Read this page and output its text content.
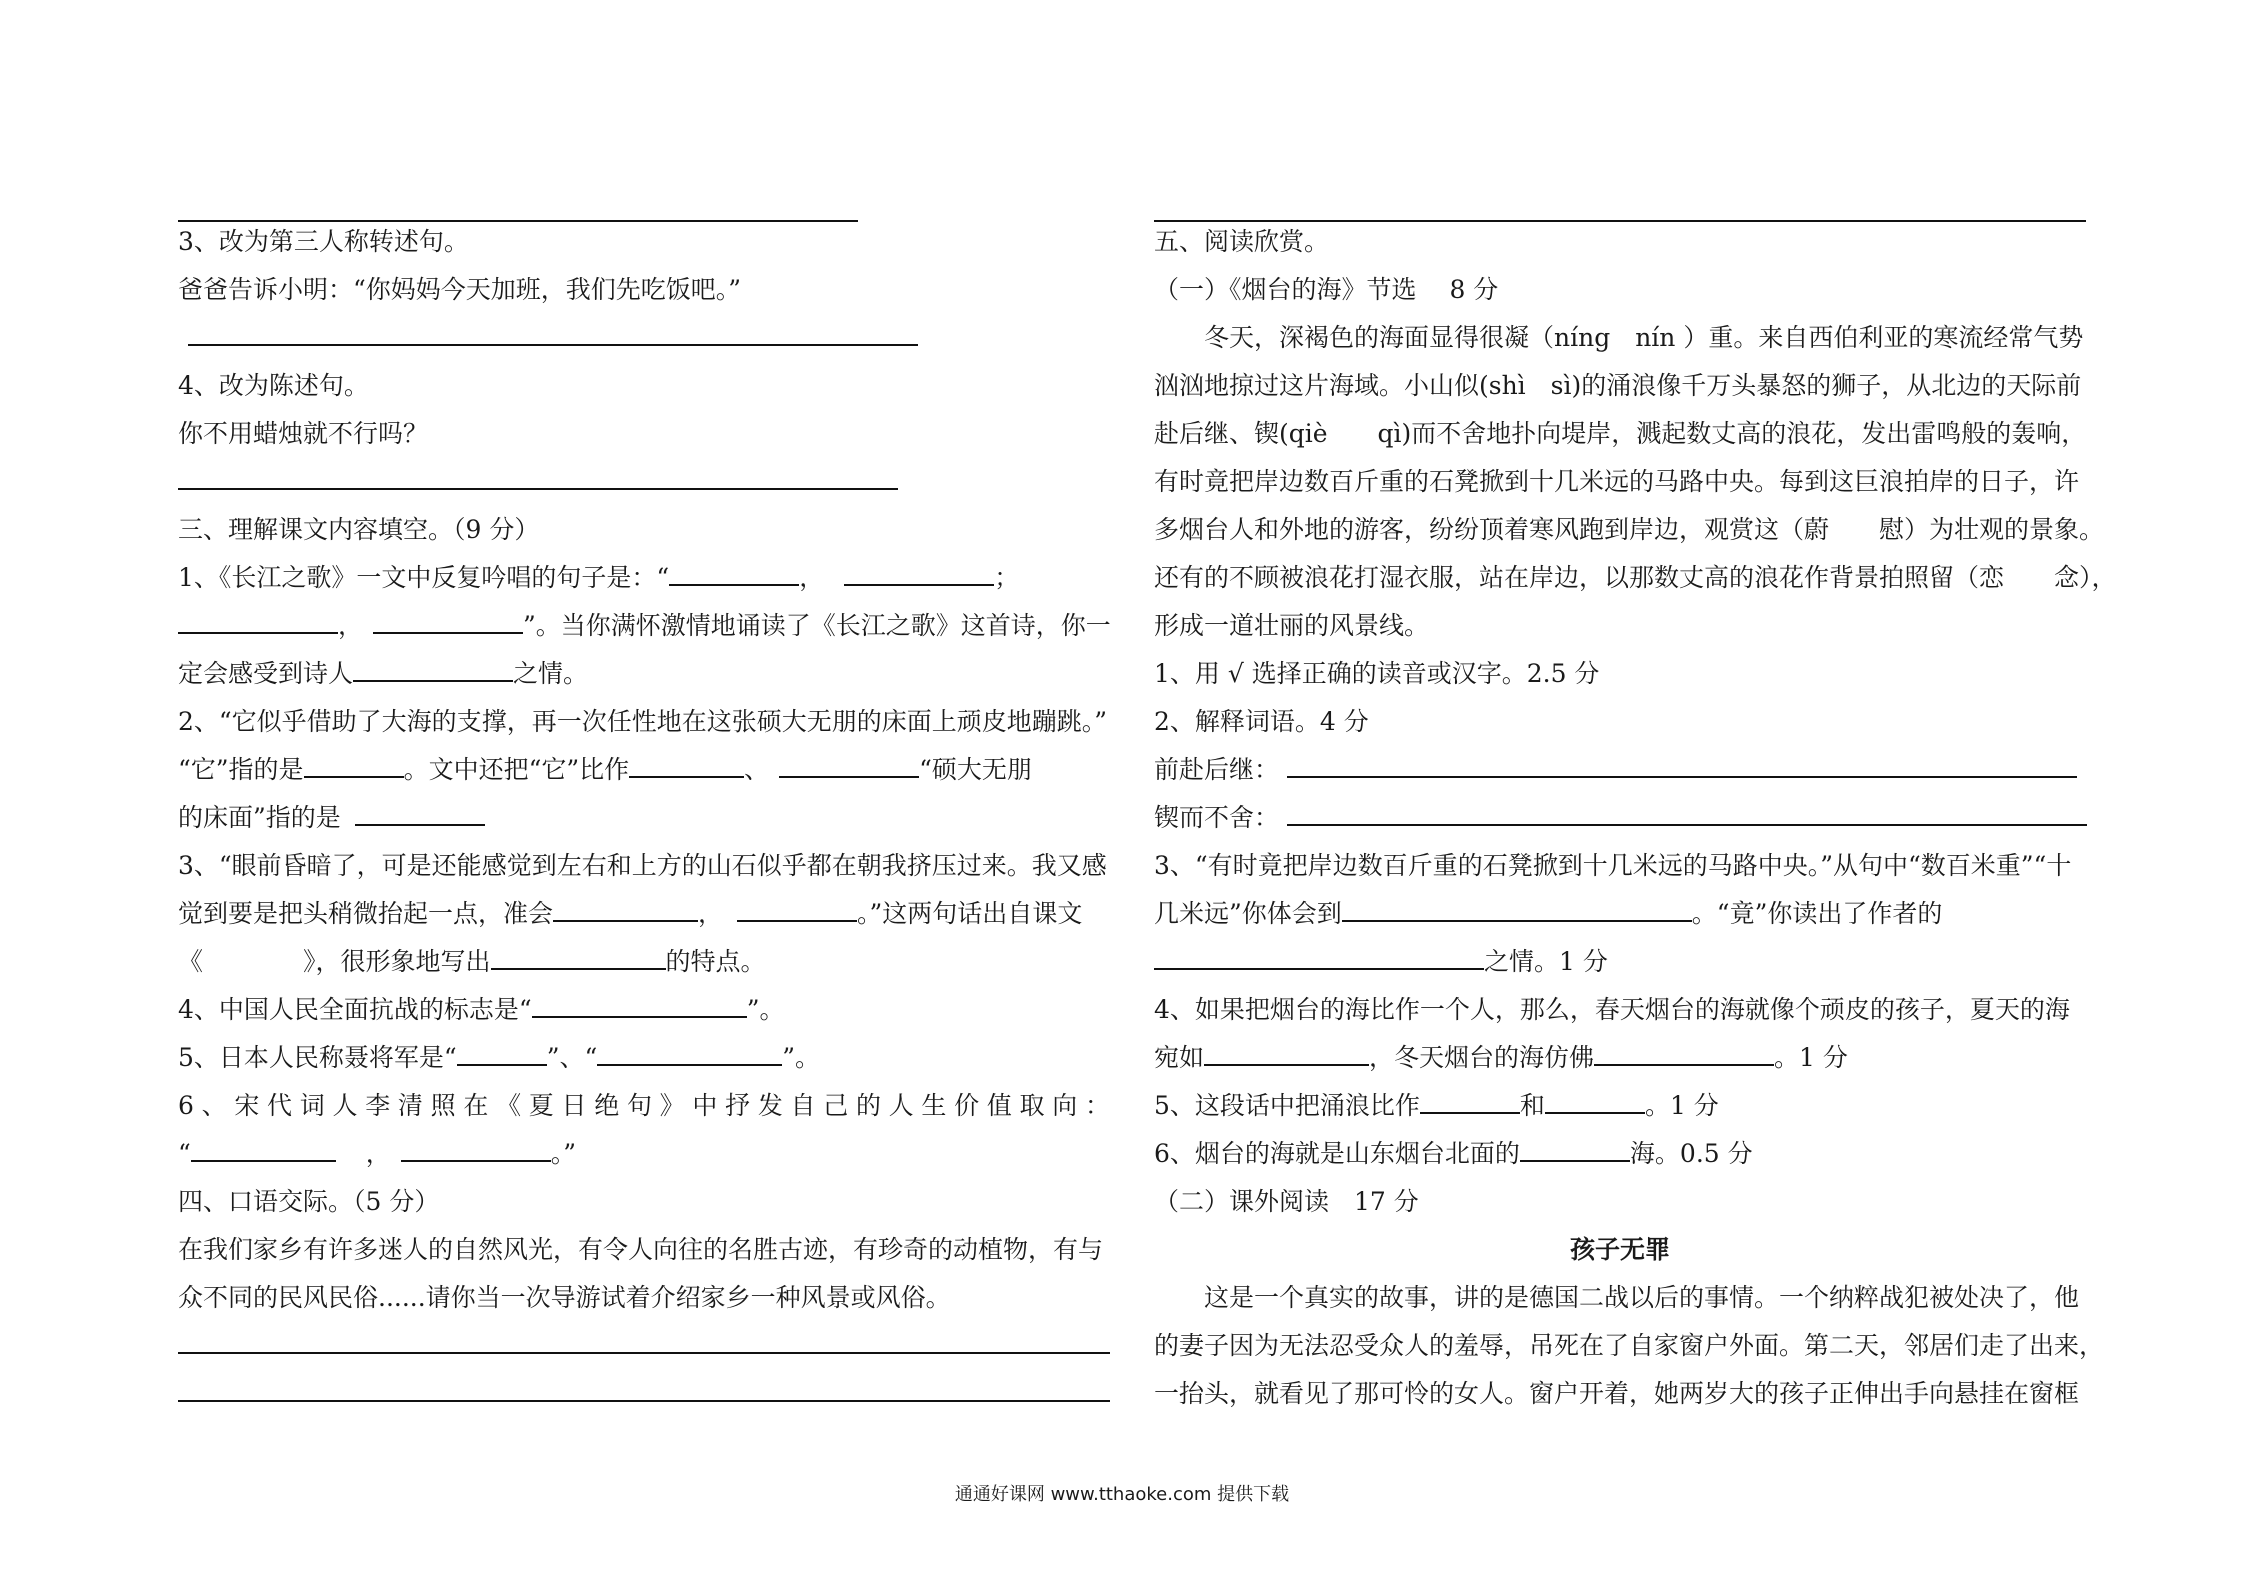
3、改为第三人称转述句。
爸爸告诉小明：“你妈妈今天加班，我们先吃饭吧。”
4、改为陈述句。
你不用蜡烛就不行吗？
三、理解课文内容填空。（9 分）
1、《长江之歌》一文中反复吟唱的句子是：“	，	；
，	”。当你满怀激情地诵读了《长江之歌》这首诗，你一
定会感受到诗人	之情。
2、“它似乎借助了大海的支撑，再一次任性地在这张硕大无朋的床面上顽皮地蹦跳。”
“它”指的是	。文中还把“它”比作	、	“硕大无朋
的床面”指的是
3、“眼前昏暗了，可是还能感觉到左右和上方的山石似乎都在朝我挤压过来。我又感
觉到要是把头稍微抬起一点，准会	，	。”这两句话出自课文
《	》，很形象地写出	的特点。
4、中国人民全面抗战的标志是“	”。
5、日本人民称聂将军是“	”、“	”。
6、宋代词人李清照在《夏日绝句》中抒发自己的人生价值取向：
“	，	。”
四、口语交际。（5 分）
在我们家乡有许多迷人的自然风光，有令人向往的名胜古迹，有珍奇的动植物，有与
众不同的民风民俗......请你当一次导游试着介绍家乡一种风景或风俗。
五、阅读欣赏。
（一）《烟台的海》节选　 8 分
冬天，深褐色的海面显得很凝（níng　nín ）重。来自西伯利亚的寒流经常气势
汹汹地掠过这片海域。小山似(shì　sì)的涌浪像千万头暴怒的狮子，从北边的天际前
赴后继、锲(qiè　　qì)而不舍地扑向堤岸，溅起数丈高的浪花，发出雷鸣般的轰响，
有时竟把岸边数百斤重的石凳掀到十几米远的马路中央。每到这巨浪拍岸的日子，许
多烟台人和外地的游客，纷纷顶着寒风跑到岸边，观赏这（蔚　　慰）为壮观的景象。
还有的不顾被浪花打湿衣服，站在岸边，以那数丈高的浪花作背景拍照留（恋　　念），
形成一道壮丽的风景线。
1、用 √ 选择正确的读音或汉字。2.5 分
2、解释词语。4 分
前赴后继：
锲而不舍：
3、“有时竟把岸边数百斤重的石凳掀到十几米远的马路中央。”从句中“数百米重”“十
几米远”你体会到	。“竟”你读出了作者的
之情。1 分
4、如果把烟台的海比作一个人，那么，春天烟台的海就像个顽皮的孩子，夏天的海
宛如	，冬天烟台的海仿佛	。1 分
5、这段话中把涌浪比作	和	。1 分
6、烟台的海就是山东烟台北面的	海。0.5 分
（二）课外阅读　17 分
孩子无罪
这是一个真实的故事，讲的是德国二战以后的事情。一个纳粹战犯被处决了，他
的妻子因为无法忍受众人的羞辱，吊死在了自家窗户外面。第二天，邻居们走了出来，
一抬头，就看见了那可怜的女人。窗户开着，她两岁大的孩子正伸出手向悬挂在窗框
通通好课网 www.tthaoke.com 提供下载
